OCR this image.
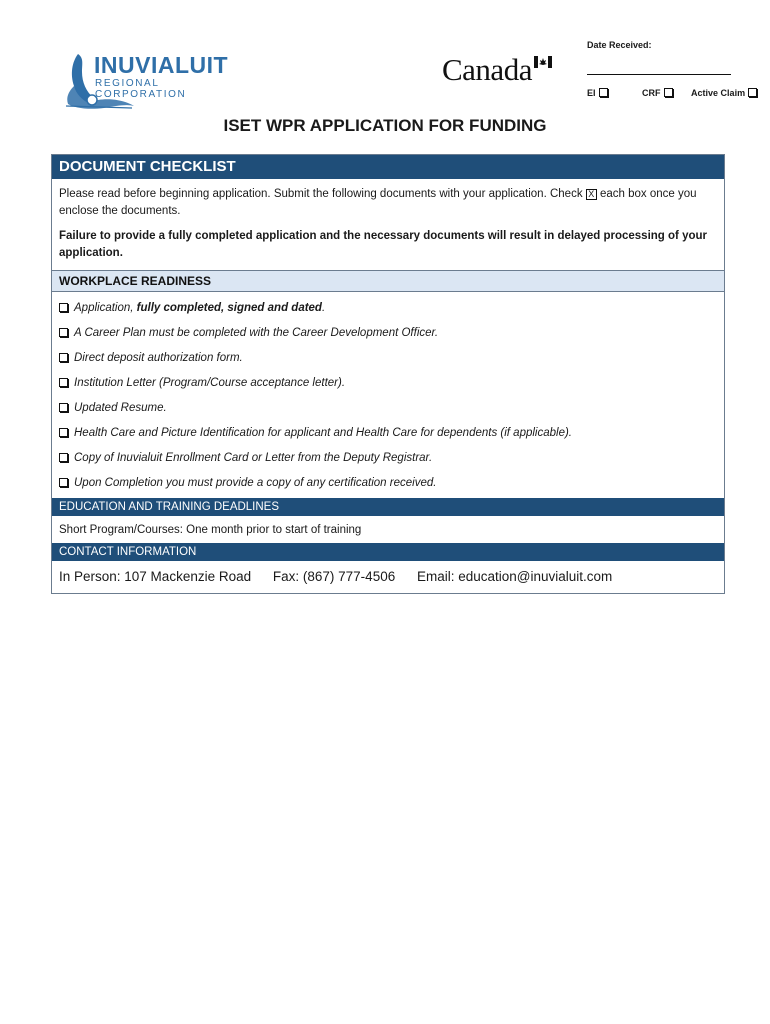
INUVIALUIT
REGIONAL CORPORATION
Canada
Date Received:
EI	CRF	Active Claim
ISET WPR APPLICATION FOR FUNDING
DOCUMENT CHECKLIST
Please read before beginning application. Submit the following documents with your application. Check X each box once you enclose the documents.
Failure to provide a fully completed application and the necessary documents will result in delayed processing of your application.
WORKPLACE READINESS
Application, fully completed, signed and dated.
A Career Plan must be completed with the Career Development Officer.
Direct deposit authorization form.
Institution Letter (Program/Course acceptance letter).
Updated Resume.
Health Care and Picture Identification for applicant and Health Care for dependents (if applicable).
Copy of Inuvialuit Enrollment Card or Letter from the Deputy Registrar.
Upon Completion you must provide a copy of any certification received.
EDUCATION AND TRAINING DEADLINES
Short Program/Courses: One month prior to start of training
CONTACT INFORMATION
In Person: 107 Mackenzie Road Fax: (867) 777-4506 Email: education@inuvialuit.com
